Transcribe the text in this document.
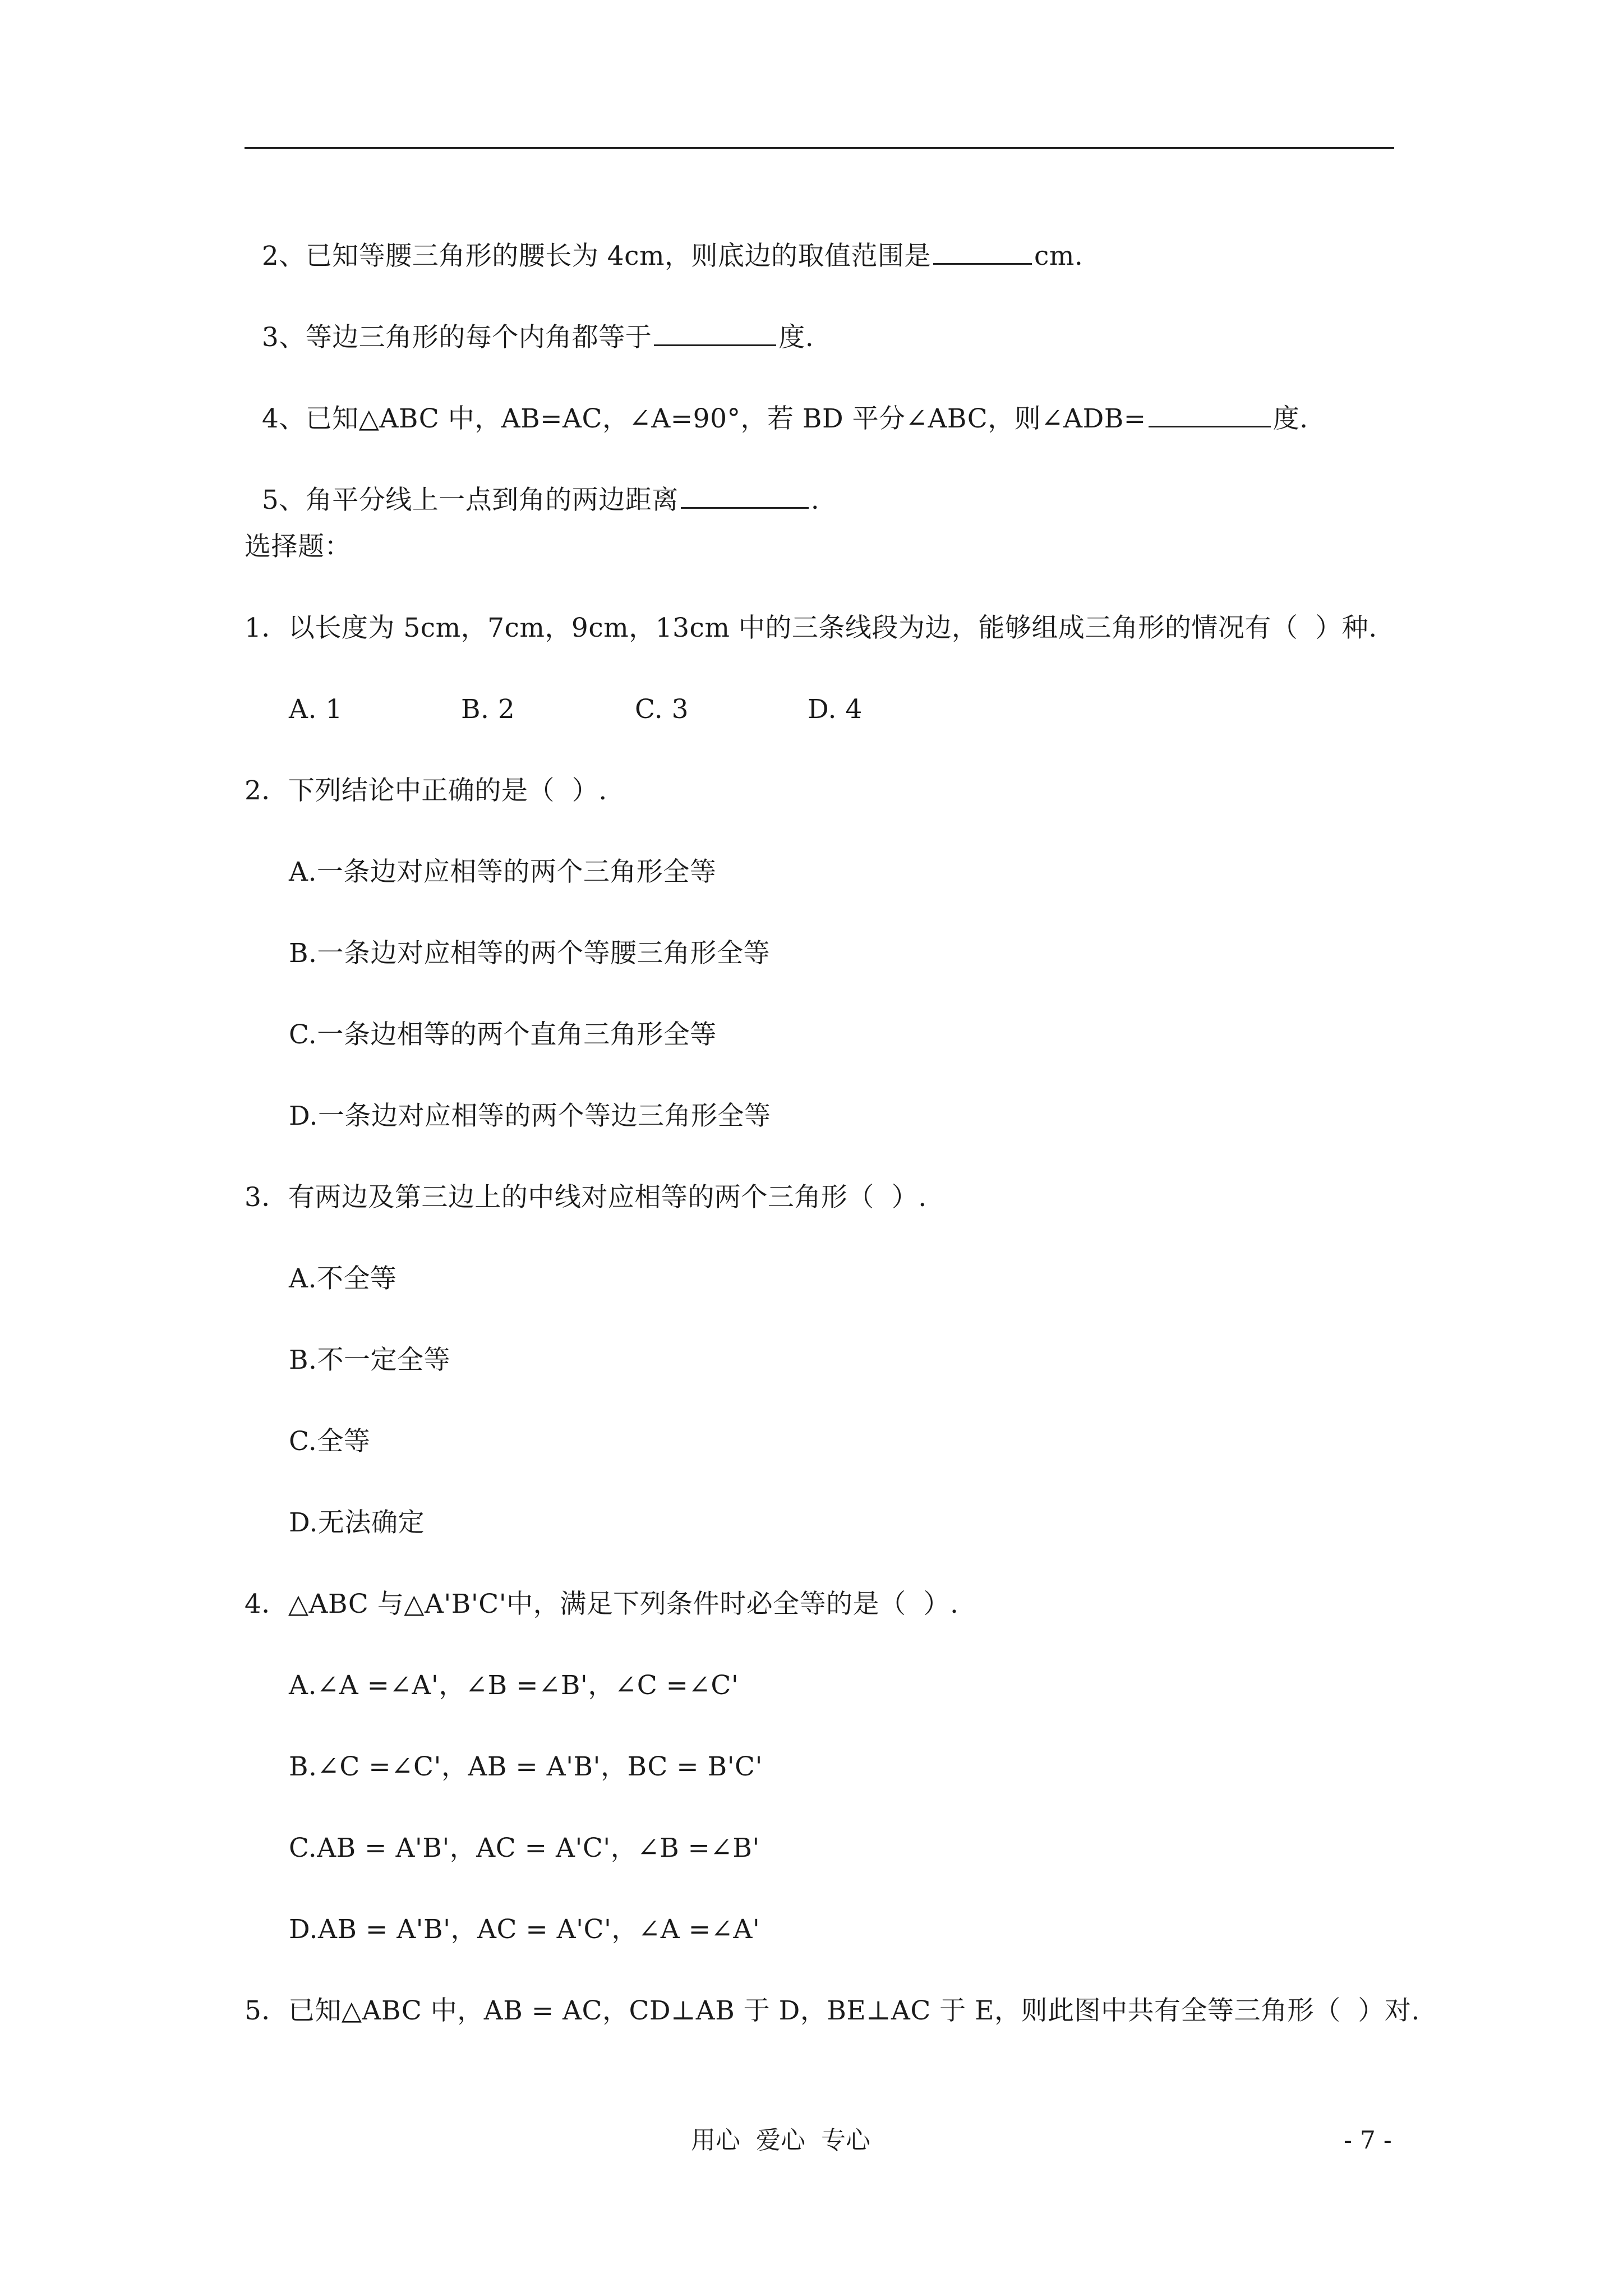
2、已知等腰三角形的腰长为 4cm，则底边的取值范围是	cm.

3、等边三角形的每个内角都等于	度.

4、已知△ABC 中，AB=AC，∠A=90°，若 BD 平分∠ABC，则∠ADB=	度.

5、角平分线上一点到角的两边距离	.

选择题：
1．以长度为 5cm，7cm，9cm，13cm 中的三条线段为边，能够组成三角形的情况有（  ）种.

A. 1

	B. 2

	C. 3

	D. 4

2．下列结论中正确的是（  ）.
A.一条边对应相等的两个三角形全等
B.一条边对应相等的两个等腰三角形全等
C.一条边相等的两个直角三角形全等
D.一条边对应相等的两个等边三角形全等
3．有两边及第三边上的中线对应相等的两个三角形（  ）.
A.不全等
B.不一定全等
C.全等
D.无法确定
4．△ABC 与△A'B'C'中，满足下列条件时必全等的是（  ）.
A.∠A =∠A'，∠B =∠B'，∠C =∠C'
B.∠C =∠C'，AB = A'B'，BC = B'C'
C.AB = A'B'，AC = A'C'，∠B =∠B'
D.AB = A'B'，AC = A'C'，∠A =∠A'
5．已知△ABC 中，AB = AC，CD⊥AB 于 D，BE⊥AC 于 E，则此图中共有全等三角形（  ）对.
用心  爱心  专心	- 7 -
